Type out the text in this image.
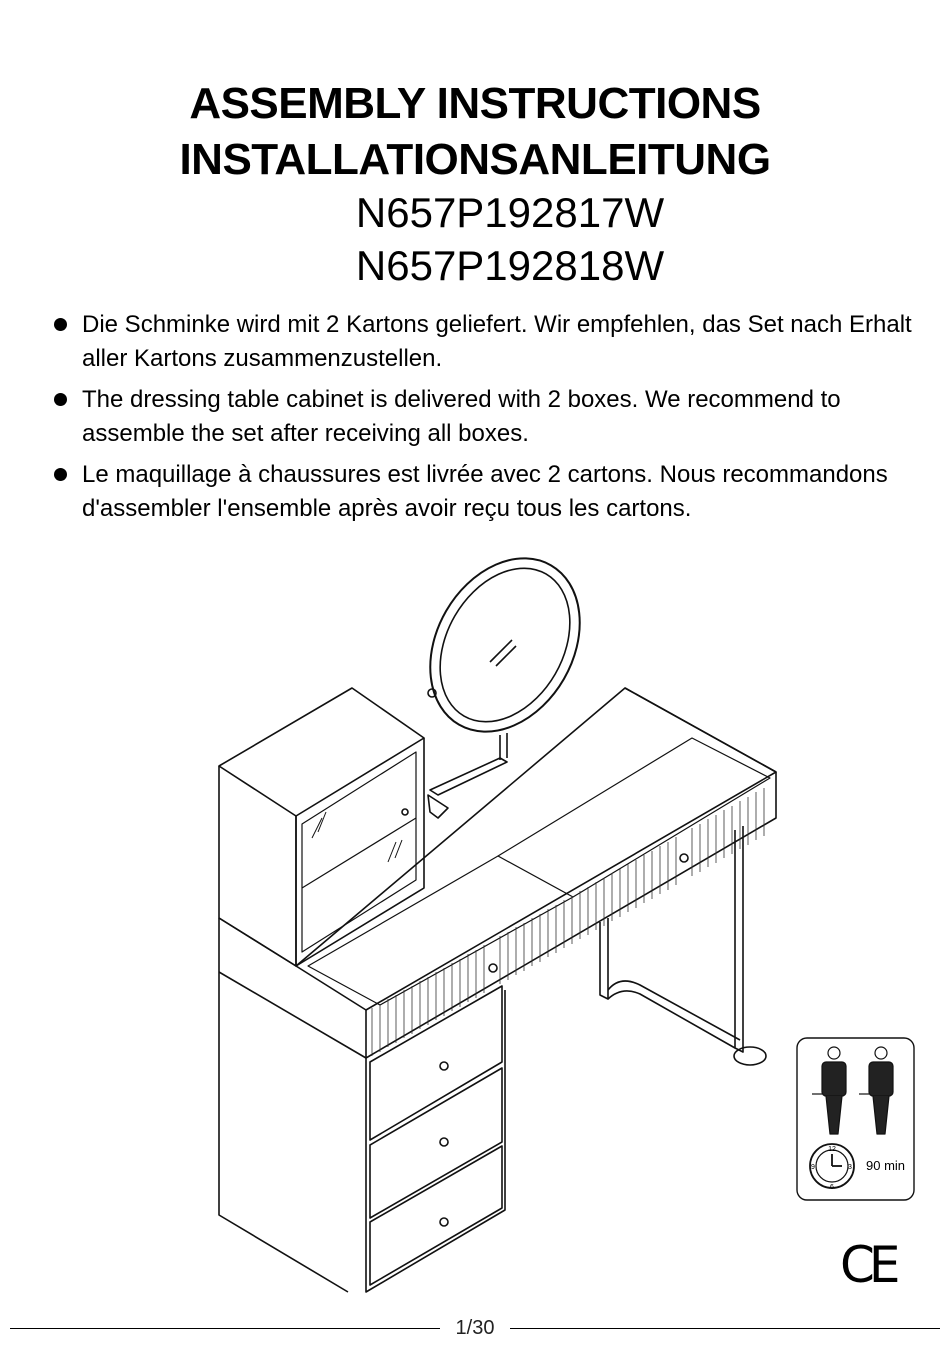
ASSEMBLY INSTRUCTIONS
INSTALLATIONSANLEITUNG
N657P192817W
N657P192818W
Die Schminke wird mit 2 Kartons geliefert. Wir empfehlen, das Set nach Erhalt aller Kartons zusammenzustellen.
The dressing table cabinet is delivered with 2 boxes. We recommend to assemble the set after receiving all boxes.
Le maquillage à chaussures est livrée avec 2 cartons. Nous recommandons d'assembler l'ensemble après avoir reçu tous les cartons.
12
3
6
9	90 min
CE
1/30
